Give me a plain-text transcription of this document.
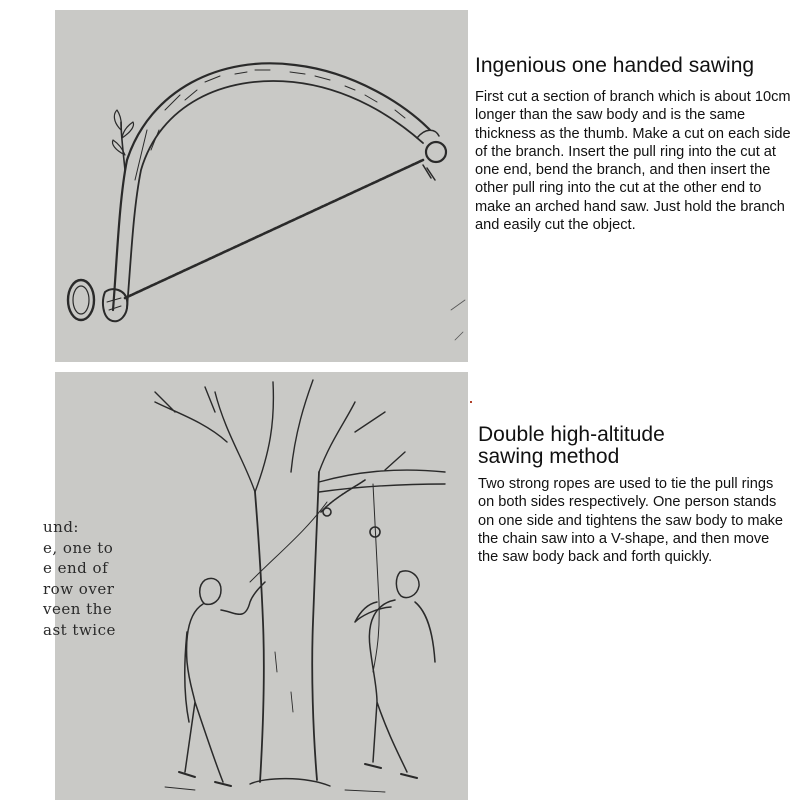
und:
e, one to
e end of
row over
veen the
ast twice
Ingenious one handed sawing
First cut a section of branch which is about 10cm longer than the saw body and is the same thickness as the thumb. Make a cut on each side of the branch. Insert the pull ring into the cut at one end, bend the branch, and then insert the other pull ring into the cut at the other end to make an arched hand saw. Just hold the branch and easily cut the object.
Double high-altitude
sawing method
Two strong ropes are used to tie the pull rings on both sides respectively. One person stands on one side and tightens the saw body to make the chain saw into a V-shape, and then move the saw body back and forth quickly.
